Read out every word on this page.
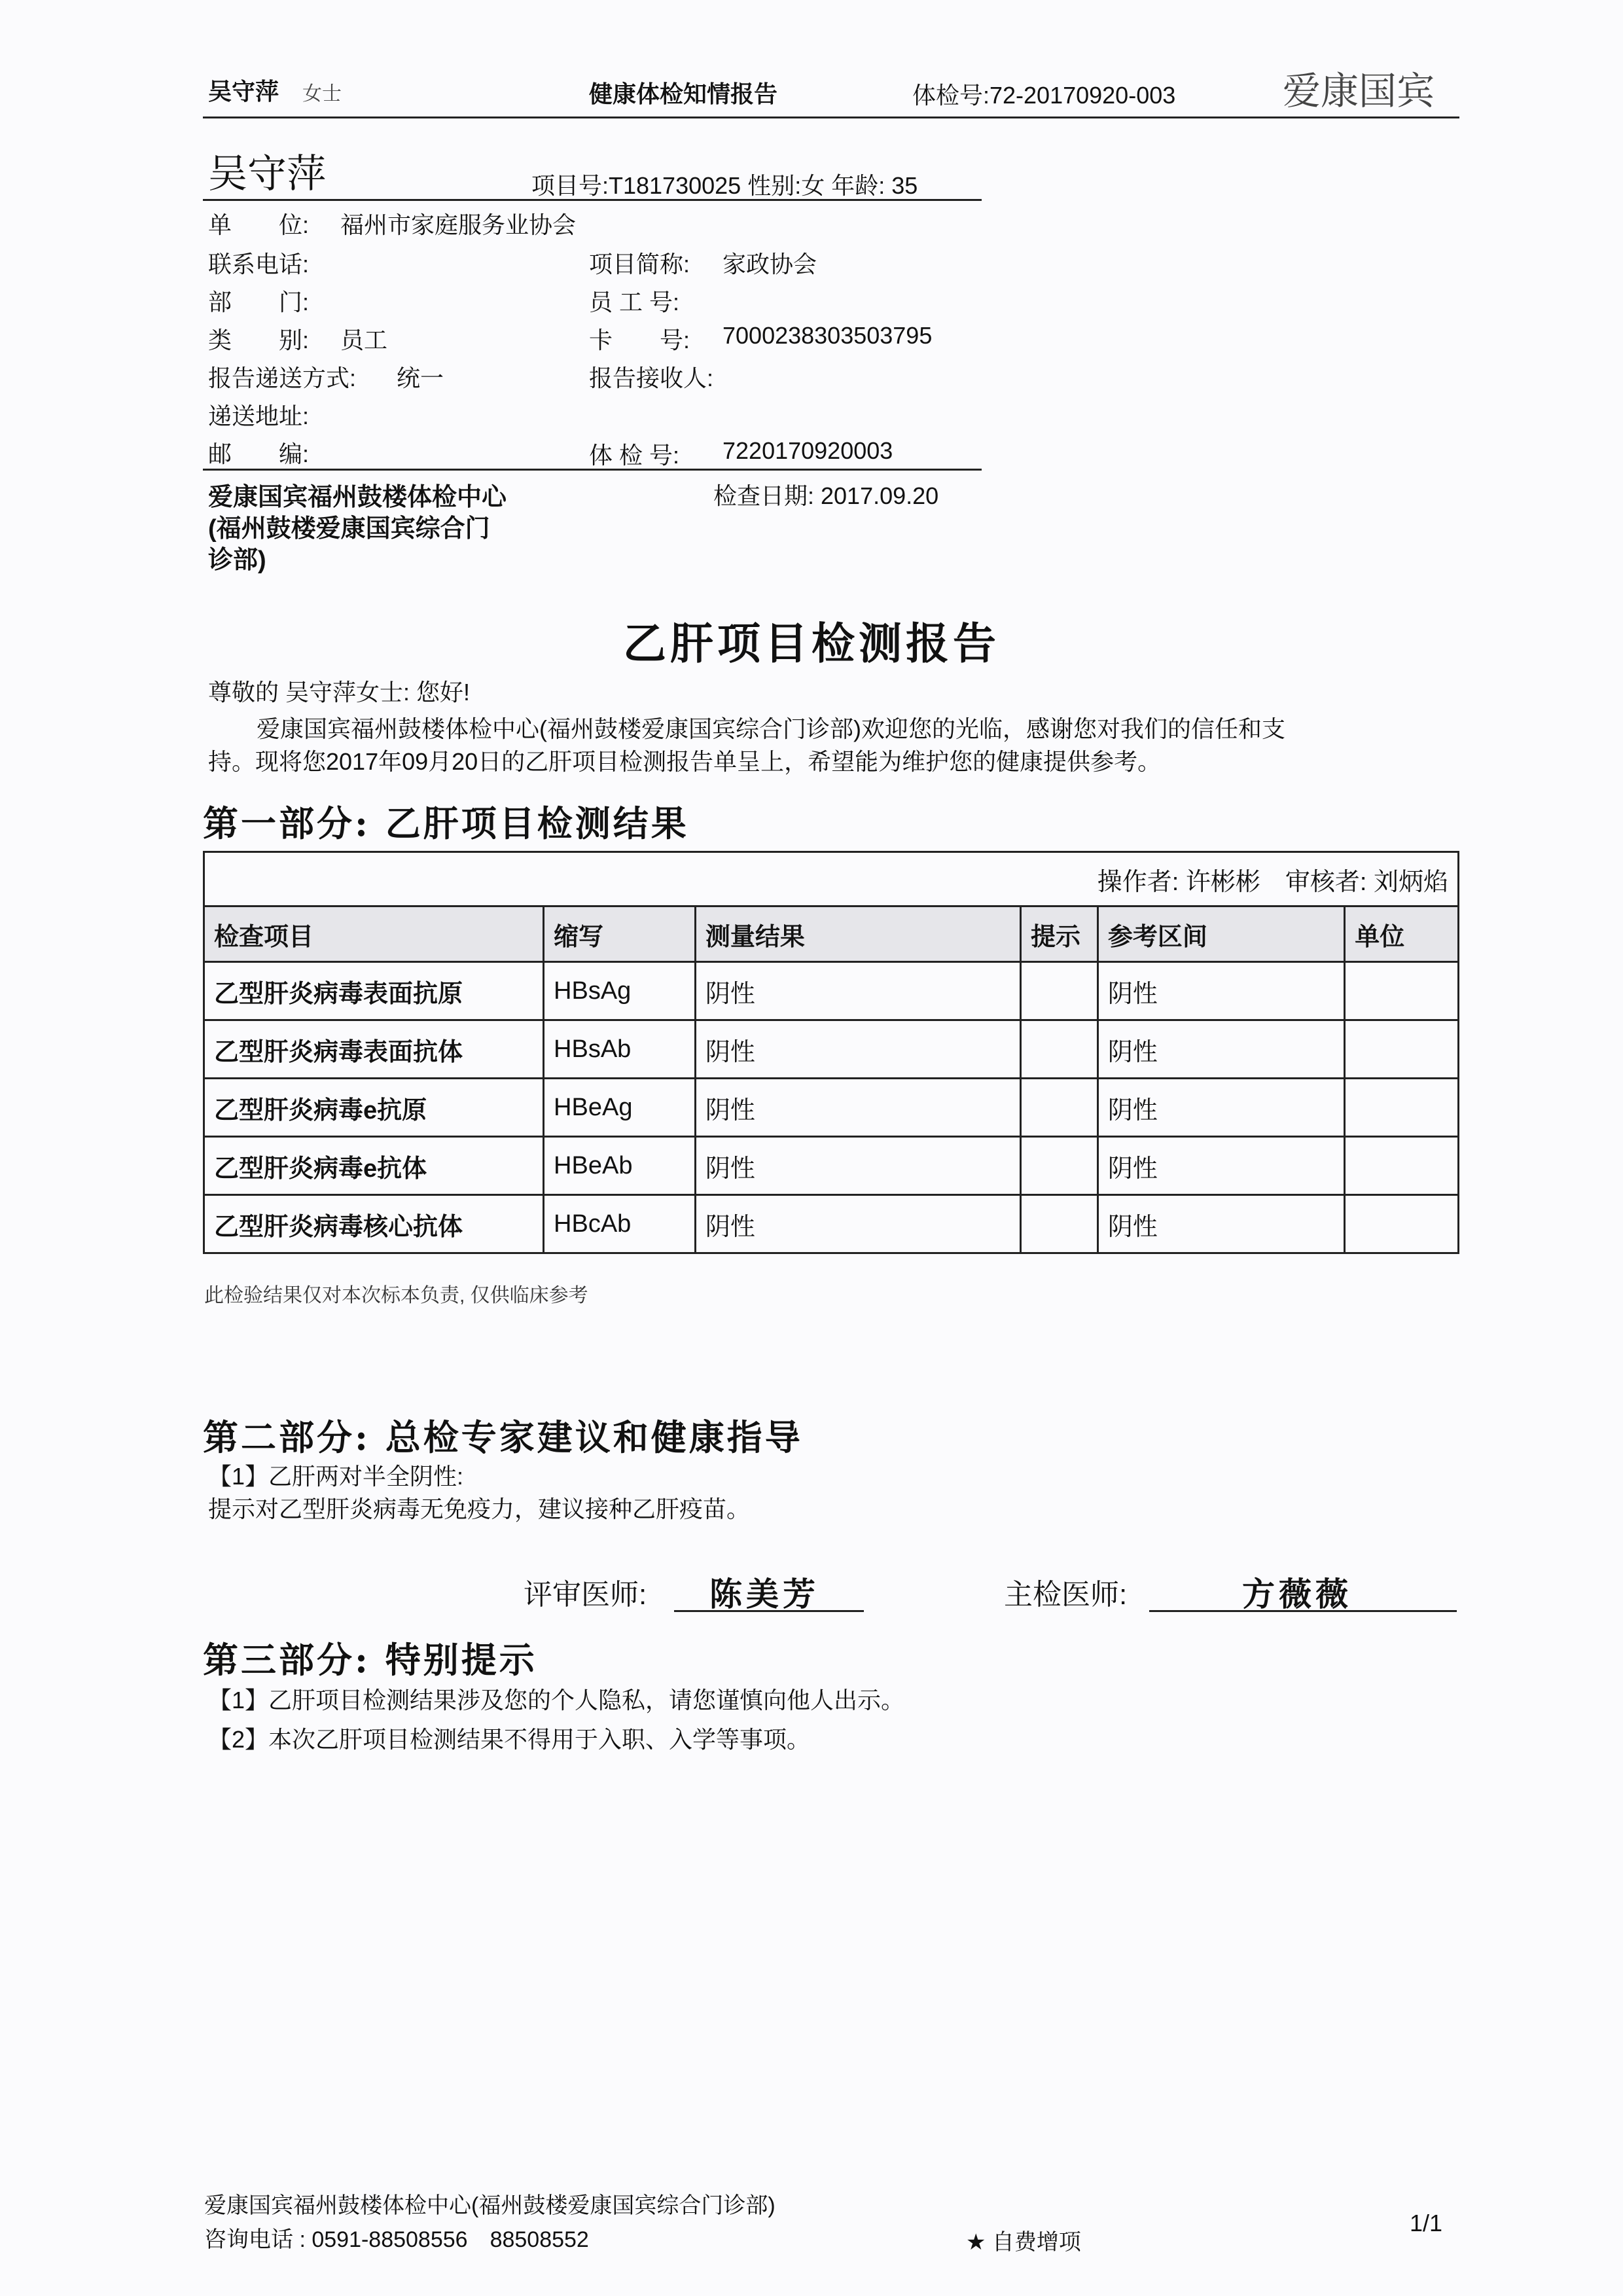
吴守萍 女士	健康体检知情报告	体检号:72-20170920-003	爱康国宾
吴守萍	项目号:T181730025 性别:女 年龄: 35
单　　位: 福州市家庭服务业协会
联系电话:	项目简称: 家政协会
部　　门:	员 工 号:
类　　别: 员工	卡　　号: 7000238303503795
报告递送方式: 统一	报告接收人:
递送地址:
邮　　编:	体 检 号: 7220170920003
爱康国宾福州鼓楼体检中心
(福州鼓楼爱康国宾综合门
诊部)
检查日期: 2017.09.20
乙肝项目检测报告
尊敬的 吴守萍女士: 您好!
爱康国宾福州鼓楼体检中心(福州鼓楼爱康国宾综合门诊部)欢迎您的光临，感谢您对我们的信任和支
持。现将您2017年09月20日的乙肝项目检测报告单呈上，希望能为维护您的健康提供参考。
第一部分: 乙肝项目检测结果
操作者: 许彬彬　审核者: 刘炳焰					
检查项目	缩写	测量结果	提示	参考区间	单位
乙型肝炎病毒表面抗原	HBsAg	阴性		阴性	
乙型肝炎病毒表面抗体	HBsAb	阴性		阴性	
乙型肝炎病毒e抗原	HBeAg	阴性		阴性	
乙型肝炎病毒e抗体	HBeAb	阴性		阴性	
乙型肝炎病毒核心抗体	HBcAb	阴性		阴性	
此检验结果仅对本次标本负责, 仅供临床参考
第二部分: 总检专家建议和健康指导
【1】乙肝两对半全阴性:
提示对乙型肝炎病毒无免疫力，建议接种乙肝疫苗。
评审医师: 陈美芳	主检医师:	方薇薇
第三部分: 特别提示
【1】乙肝项目检测结果涉及您的个人隐私，请您谨慎向他人出示。
【2】本次乙肝项目检测结果不得用于入职、入学等事项。
爱康国宾福州鼓楼体检中心(福州鼓楼爱康国宾综合门诊部)
咨询电话 : 0591-88508556　88508552	★ 自费增项
1/1
